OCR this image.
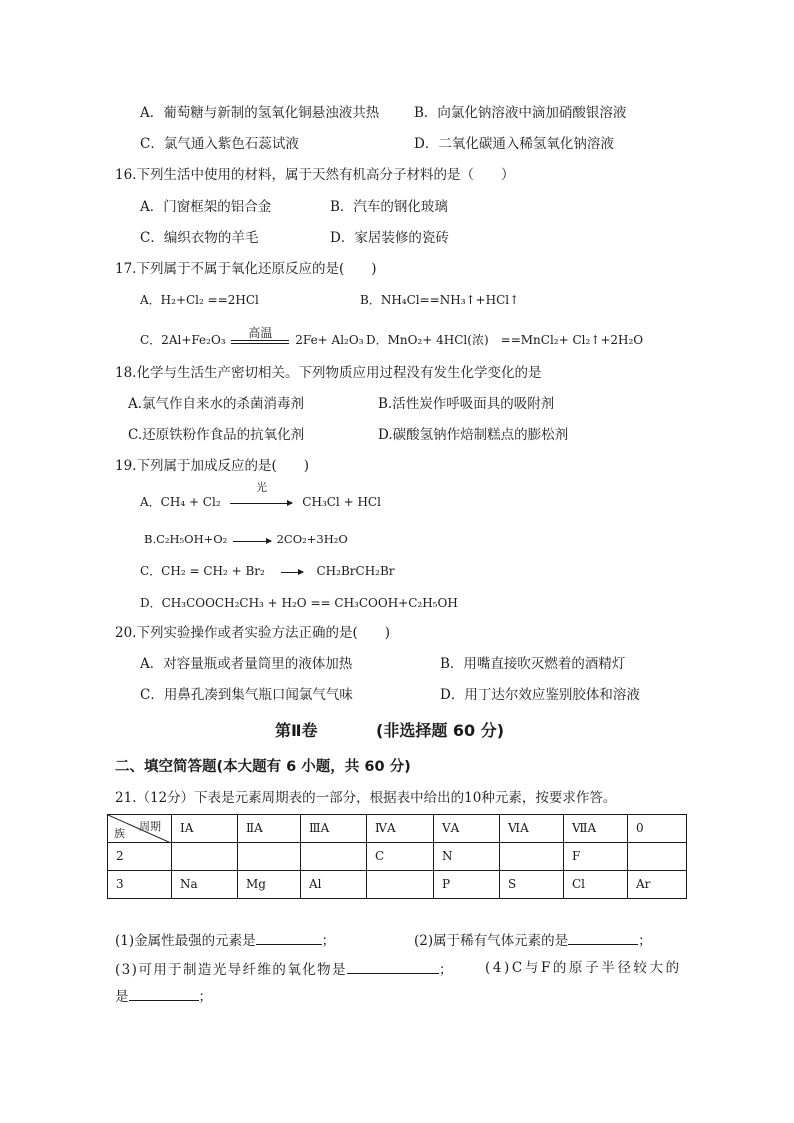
A．葡萄糖与新制的氢氧化铜悬浊液共热	B．向氯化钠溶液中滴加硝酸银溶液
C．氯气通入紫色石蕊试液	D．二氧化碳通入稀氢氧化钠溶液
16.下列生活中使用的材料，属于天然有机高分子材料的是（　　）
A．门窗框架的铝合金	B．汽车的钢化玻璃
C．编织衣物的羊毛	D．家居装修的瓷砖
17.下列属于不属于氧化还原反应的是(　　)
A．H₂+Cl₂ ==2HCl	B．NH₄Cl==NH₃↑+HCl↑
C．2Al+Fe₂O₃
高温
2Fe+ Al₂O₃ D．MnO₂+ 4HCl(浓)　==MnCl₂+ Cl₂↑+2H₂O
18.化学与生活生产密切相关。下列物质应用过程没有发生化学变化的是
A.氯气作自来水的杀菌消毒剂	B.活性炭作呼吸面具的吸附剂
C.还原铁粉作食品的抗氧化剂	D.碳酸氢钠作焙制糕点的膨松剂
19.下列属于加成反应的是(　　)
A．CH₄ + Cl₂
光
CH₃Cl + HCl
B.C₂H₅OH+O₂	2CO₂+3H₂O
C．CH₂ = CH₂ + Br₂	CH₂BrCH₂Br
D．CH₃COOCH₂CH₃ + H₂O == CH₃COOH+C₂H₅OH
20.下列实验操作或者实验方法正确的是(　　)
A．对容量瓶或者量筒里的液体加热	B．用嘴直接吹灭燃着的酒精灯
C．用鼻孔凑到集气瓶口闻氯气气味	D．用丁达尔效应鉴别胶体和溶液
第Ⅱ卷	(非选择题 60 分)
二、填空简答题(本大题有 6 小题，共 60 分)
21.（12分）下表是元素周期表的一部分，根据表中给出的10种元素，按要求作答。
周期
族	ⅠA	ⅡA	ⅢA	ⅣA	ⅤA	ⅥA	ⅦA	0
2				C	N		F	
3	Na	Mg	Al		P	S	Cl	Ar
(1)金属性最强的元素是	；	(2)属于稀有气体元素的是	；
(3)可用于制造光导纤维的氧化物是	； (4)C与F的原子半径较大的
是	；
